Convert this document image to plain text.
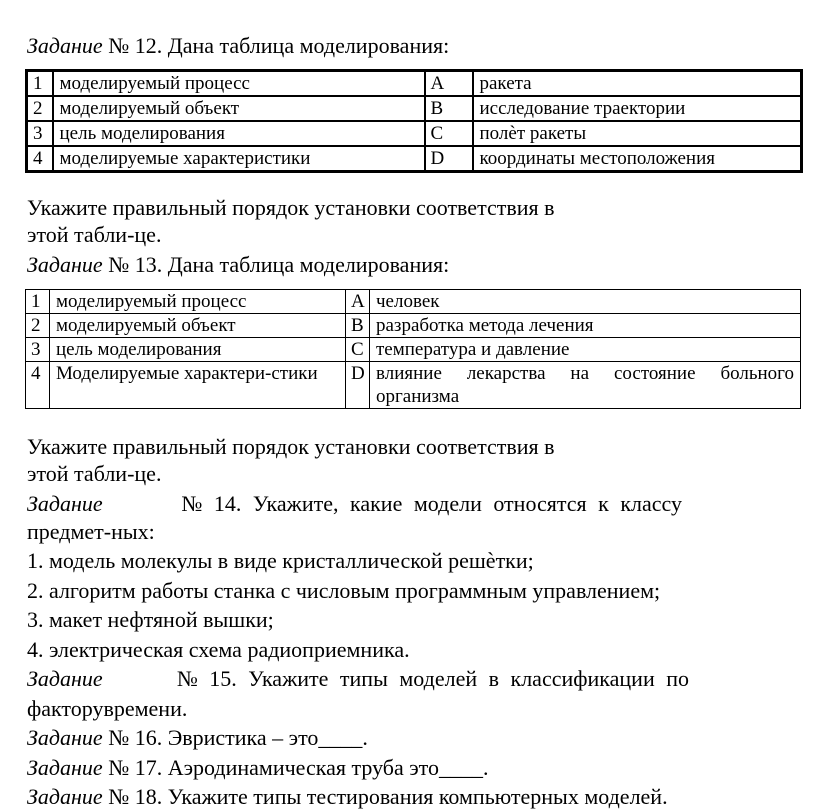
Задание № 12. Дана таблица моделирования:
1	моделируемый процесс	A	ракета
2	моделируемый объект	B	исследование траектории
3	цель моделирования	C	полѐт ракеты
4	моделируемые характеристики	D	координаты местоположения
Укажите правильный порядок установки соответствия в
этой табли-це.
Задание № 13. Дана таблица моделирования:
1	моделируемый процесс	A	человек
2	моделируемый объект	B	разработка метода лечения
3	цель моделирования	C	температура и давление
4	Моделируемые характери-стики	D	влияние лекарства на состояние больного организма
Укажите правильный порядок установки соответствия в
этой табли-це.
Задание	№ 14. Укажите, какие модели относятся к классу
предмет-ных:
1. модель молекулы в виде кристаллической решѐтки;
2. алгоритм работы станка с числовым программным управлением;
3. макет нефтяной вышки;
4. электрическая схема радиоприемника.
Задание	№ 15. Укажите типы моделей в классификации по
факторувремени.
Задание № 16. Эвристика – это____.
Задание № 17. Аэродинамическая труба это____.
Задание № 18. Укажите типы тестирования компьютерных моделей.
